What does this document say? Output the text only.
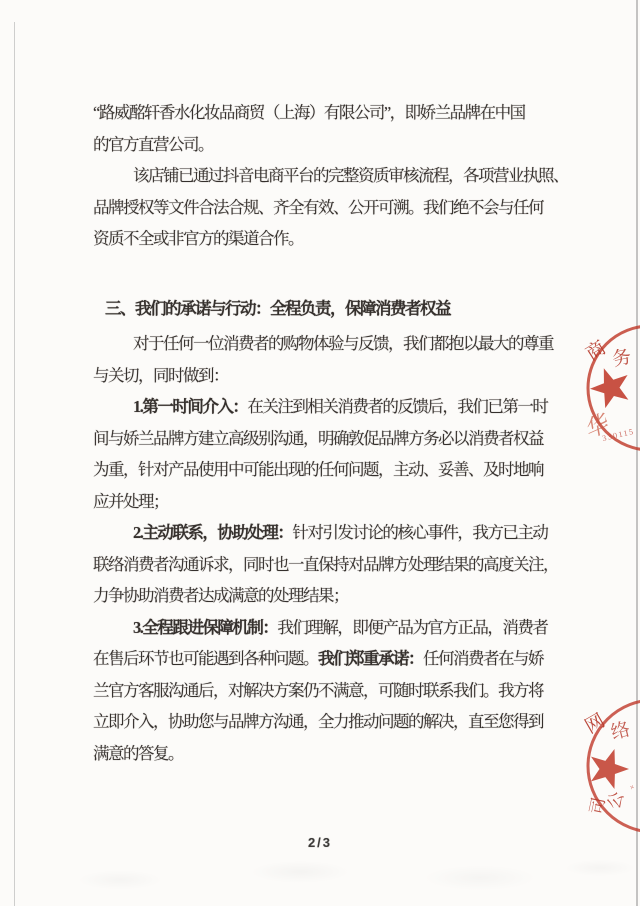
“路威酩轩香水化妆品商贸（上海）有限公司”，即娇兰品牌在中国
的官方直营公司。
该店铺已通过抖音电商平台的完整资质审核流程，各项营业执照、
品牌授权等文件合法合规、齐全有效、公开可溯。我们绝不会与任何
资质不全或非官方的渠道合作。
三、我们的承诺与行动：全程负责，保障消费者权益
对于任何一位消费者的购物体验与反馈，我们都抱以最大的尊重
与关切，同时做到：
1.第一时间介入：在关注到相关消费者的反馈后，我们已第一时
间与娇兰品牌方建立高级别沟通，明确敦促品牌方务必以消费者权益
为重，针对产品使用中可能出现的任何问题，主动、妥善、及时地响
应并处理；
2.主动联系，协助处理：针对引发讨论的核心事件，我方已主动
联络消费者沟通诉求，同时也一直保持对品牌方处理结果的高度关注，
力争协助消费者达成满意的处理结果；
3.全程跟进保障机制：我们理解，即便产品为官方正品，消费者
在售后环节也可能遇到各种问题。我们郑重承诺：任何消费者在与娇
兰官方客服沟通后，对解决方案仍不满意，可随时联系我们。我方将
立即介入，协助您与品牌方沟通，全力推动问题的解决，直至您得到
满意的答复。
商 务
华
330115
网 络
公
司
+
2/3
